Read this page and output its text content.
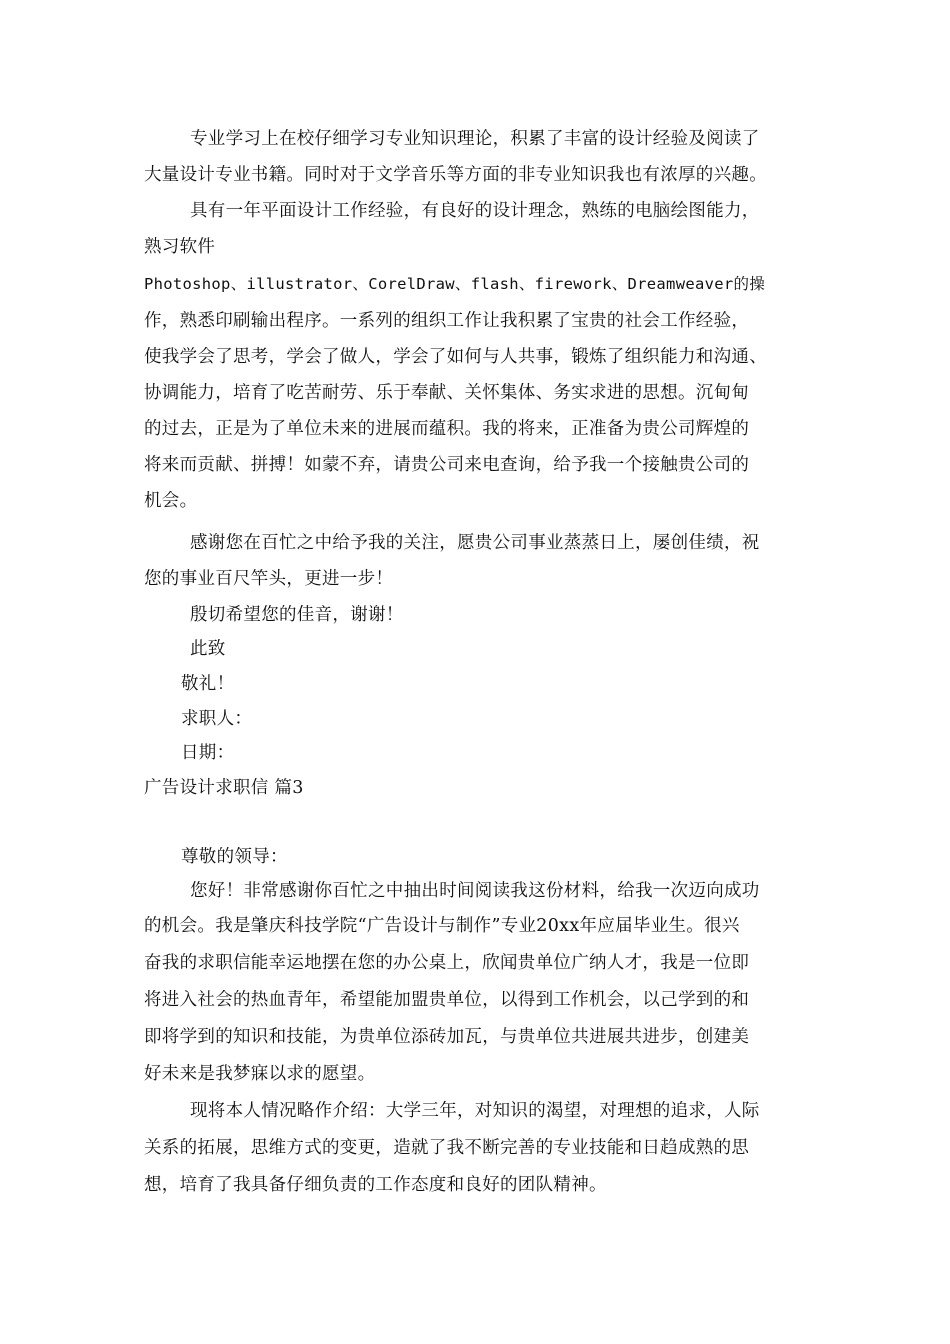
专业学习上在校仔细学习专业知识理论，积累了丰富的设计经验及阅读了
大量设计专业书籍。同时对于文学音乐等方面的非专业知识我也有浓厚的兴趣。
具有一年平面设计工作经验，有良好的设计理念，熟练的电脑绘图能力，
熟习软件
Photoshop、illustrator、CorelDraw、flash、firework、Dreamweaver的操
作，熟悉印刷输出程序。一系列的组织工作让我积累了宝贵的社会工作经验，
使我学会了思考，学会了做人，学会了如何与人共事，锻炼了组织能力和沟通、
协调能力，培育了吃苦耐劳、乐于奉献、关怀集体、务实求进的思想。沉甸甸
的过去，正是为了单位未来的进展而蕴积。我的将来，正准备为贵公司辉煌的
将来而贡献、拼搏！如蒙不弃，请贵公司来电查询，给予我一个接触贵公司的
机会。
感谢您在百忙之中给予我的关注，愿贵公司事业蒸蒸日上，屡创佳绩，祝
您的事业百尺竿头，更进一步！
殷切希望您的佳音，谢谢！
此致
敬礼！
求职人：
日期：
广告设计求职信 篇3
尊敬的领导：
您好！非常感谢你百忙之中抽出时间阅读我这份材料，给我一次迈向成功
的机会。我是肇庆科技学院“广告设计与制作”专业20xx年应届毕业生。很兴
奋我的求职信能幸运地摆在您的办公桌上，欣闻贵单位广纳人才，我是一位即
将进入社会的热血青年，希望能加盟贵单位，以得到工作机会，以己学到的和
即将学到的知识和技能，为贵单位添砖加瓦，与贵单位共进展共进步，创建美
好未来是我梦寐以求的愿望。
现将本人情况略作介绍：大学三年，对知识的渴望，对理想的追求，人际
关系的拓展，思维方式的变更，造就了我不断完善的专业技能和日趋成熟的思
想，培育了我具备仔细负责的工作态度和良好的团队精神。
